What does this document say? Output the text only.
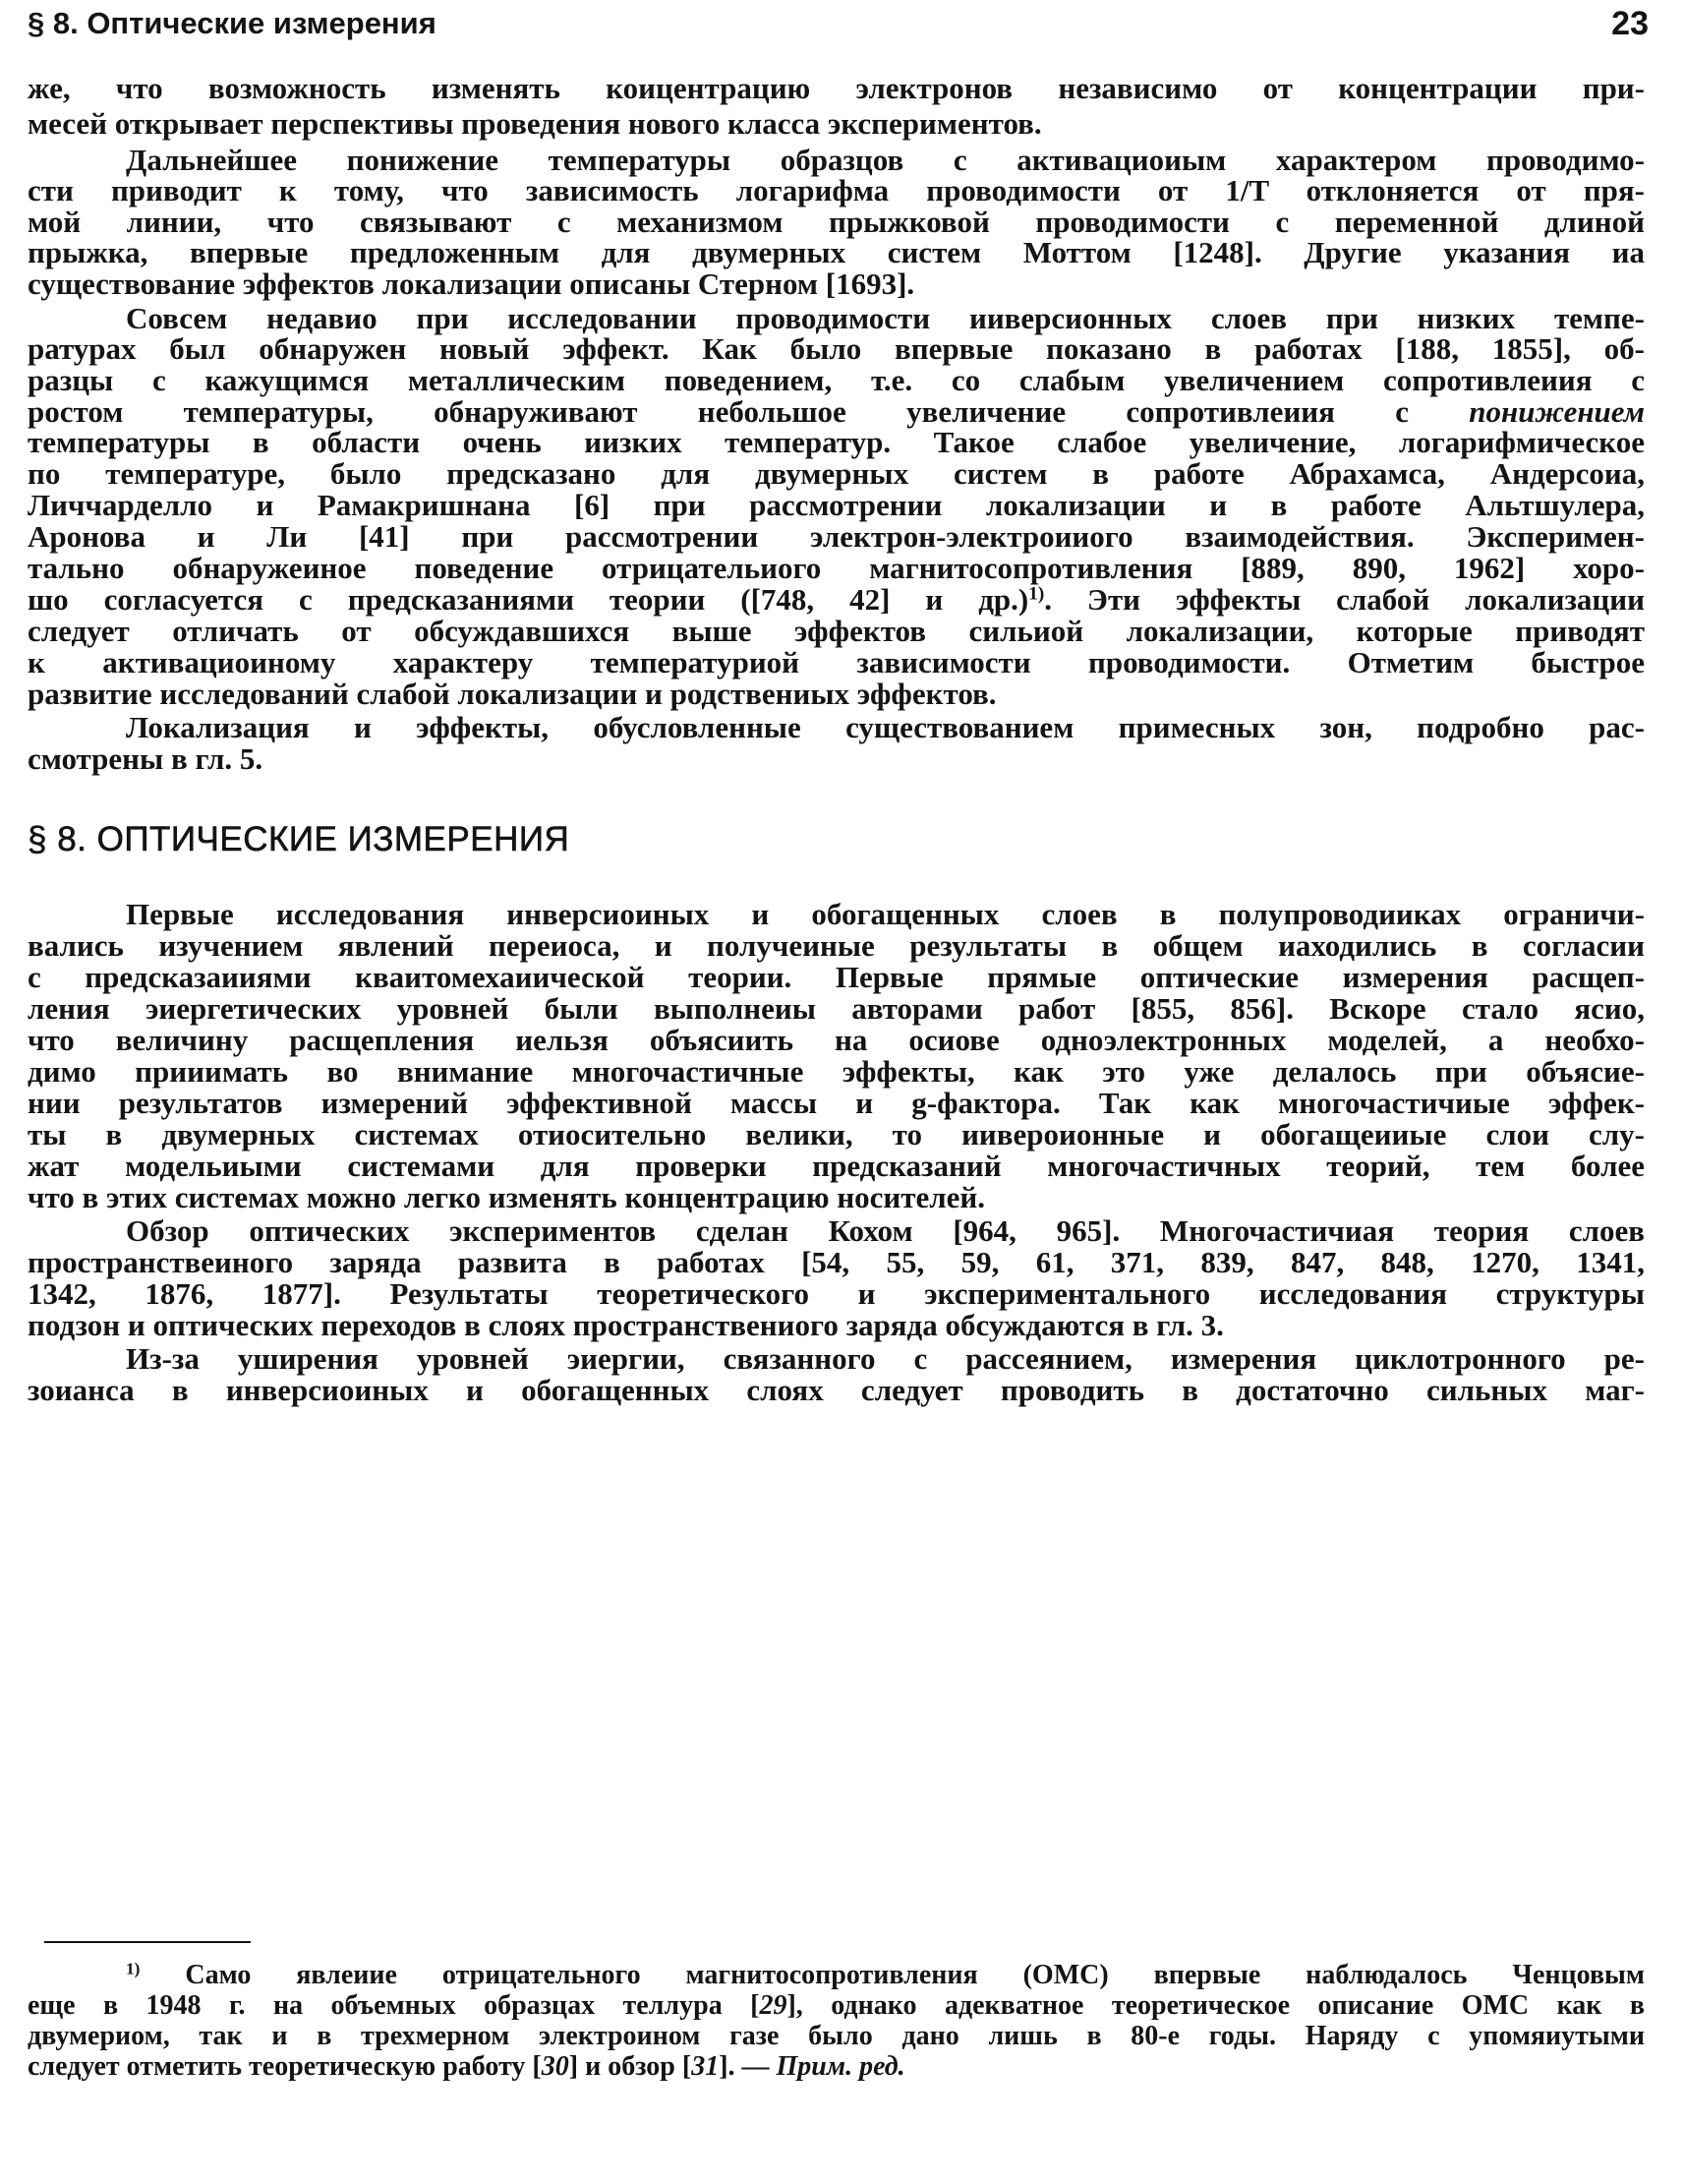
§ 8. Оптические измерения	23
же, что возможность изменять коицентрацию электронов независимо от концентрации при-
месей открывает перспективы проведения нового класса экспериментов.
Дальнейшее понижение температуры образцов с активациоиым характером проводимо-
сти приводит к тому, что зависимость логарифма проводимости от 1/T отклоняется от пря-
мой линии, что связывают с механизмом прыжковой проводимости с переменной длиной
прыжка, впервые предложенным для двумерных систем Моттом [1248]. Другие указания иа
существование эффектов локализации описаны Стерном [1693].
Совсем недавио при исследовании проводимости ииверсионных слоев при низких темпе-
ратурах был обнаружен новый эффект. Как было впервые показано в работах [188, 1855], об-
разцы с кажущимся металлическим поведением, т.е. со слабым увеличением сопротивлеиия с
ростом температуры, обнаруживают небольшое увеличение сопротивлеиия с понижением
температуры в области очень иизких температур. Такое слабое увеличение, логарифмическое
по температуре, было предсказано для двумерных систем в работе Абрахамса, Андерсоиа,
Личчарделло и Рамакришнана [6] при рассмотрении локализации и в работе Альтшулера,
Аронова и Ли [41] при рассмотрении электрон-электроииого взаимодействия. Эксперимен-
тально обнаружеиное поведение отрицательиого магнитосопротивления [889, 890, 1962] хоро-
шо согласуется с предсказаниями теории ([748, 42] и др.)$^{1)}$. Эти эффекты слабой локализации
следует отличать от обсуждавшихся выше эффектов сильиой локализации, которые приводят
к активациоиному характеру температуриой зависимости проводимости. Отметим быстрое
развитие исследований слабой локализации и родствениых эффектов.
Локализация и эффекты, обусловленные существованием примесных зон, подробно рас-
смотрены в гл. 5.
§ 8. ОПТИЧЕСКИЕ ИЗМЕРЕНИЯ
Первые исследования инверсиоиных и обогащенных слоев в полупроводииках ограничи-
вались изучением явлений переиоса, и получеиные результаты в общем иаходились в согласии
с предсказаииями кваитомехаиической теории. Первые прямые оптические измерения расщеп-
ления эиергетических уровней были выполнеиы авторами работ [855, 856]. Вскоре стало ясио,
что величину расщепления иельзя объясиить на осиове одноэлектронных моделей, а необхо-
димо прииимать во внимание многочастичные эффекты, как это уже делалось при объясие-
нии результатов измерений эффективной массы и g-фактора. Так как многочастичиые эффек-
ты в двумерных системах отиосительно велики, то иивероионные и обогащеииые слои слу-
жат модельиыми системами для проверки предсказаний многочастичных теорий, тем более
что в этих системах можно легко изменять концентрацию носителей.
Обзор оптических экспериментов сделан Кохом [964, 965]. Многочастичиая теория слоев
пространствеиного заряда развита в работах [54, 55, 59, 61, 371, 839, 847, 848, 1270, 1341,
1342, 1876, 1877]. Результаты теоретического и экспериментального исследования структуры
подзон и оптических переходов в слоях пространствениого заряда обсуждаются в гл. 3.
Из-за уширения уровней эиергии, связанного с рассеянием, измерения циклотронного ре-
зоианса в инверсиоиных и обогащенных слоях следует проводить в достаточно сильных маг-
$^{1)}$ Само явлеиие отрицательного магнитосопротивления (ОМС) впервые наблюдалось Ченцовым
еще в 1948 г. на объемных образцах теллура [29], однако адекватное теоретическое описание ОМС как в
двумериом, так и в трехмерном электроином газе было дано лишь в 80-е годы. Наряду с упомяиутыми
следует отметить теоретическую работу [30] и обзор [31]. — Прим. ред.
